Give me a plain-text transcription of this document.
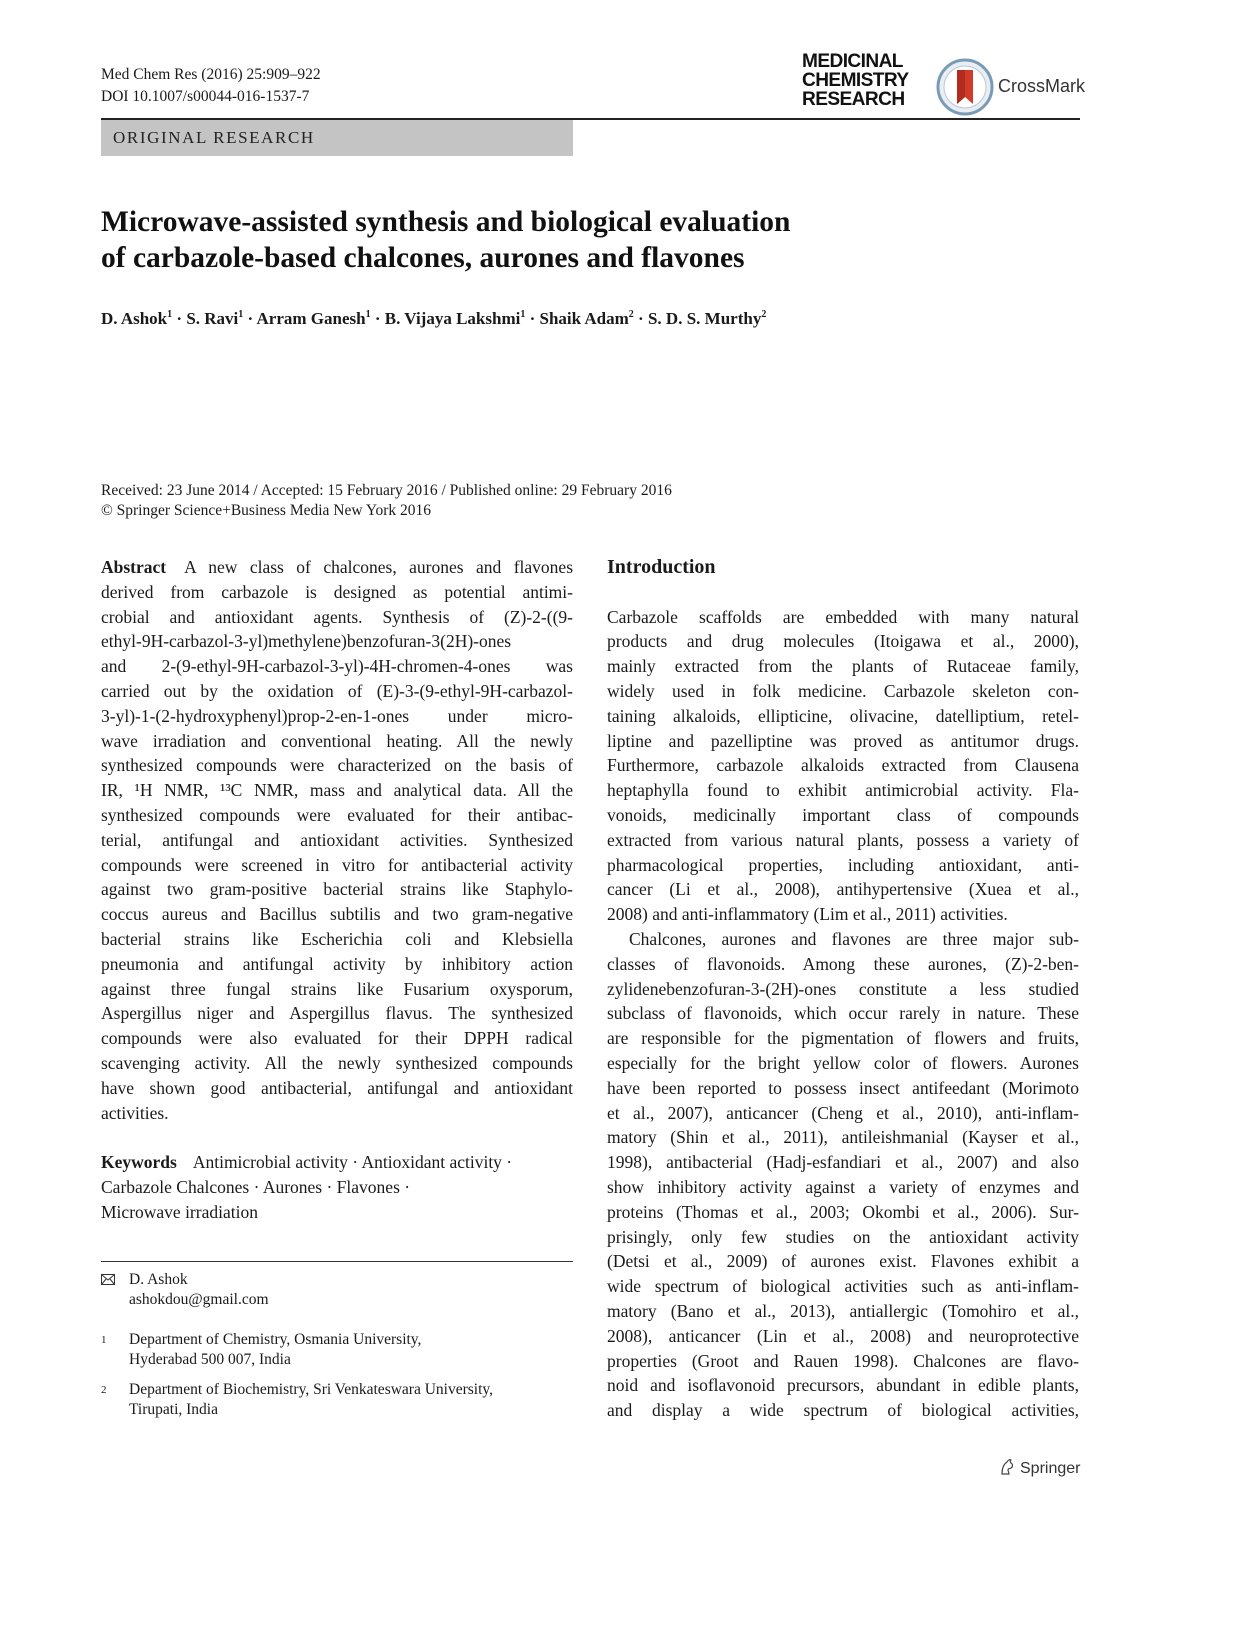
Med Chem Res (2016) 25:909–922
DOI 10.1007/s00044-016-1537-7
MEDICINAL
CHEMISTRY
RESEARCH
CrossMark
ORIGINAL RESEARCH
Microwave-assisted synthesis and biological evaluation
of carbazole-based chalcones, aurones and flavones
D. Ashok$^1$ · S. Ravi$^1$ · Arram Ganesh$^1$ · B. Vijaya Lakshmi$^1$ · Shaik Adam$^2$ · S. D. S. Murthy$^2$
Received: 23 June 2014 / Accepted: 15 February 2016 / Published online: 29 February 2016
© Springer Science+Business Media New York 2016
Abstract A new class of chalcones, aurones and flavones
derived from carbazole is designed as potential antimi-
crobial and antioxidant agents. Synthesis of (Z)-2-((9-
ethyl-9H-carbazol-3-yl)methylene)benzofuran-3(2H)-ones
and 2-(9-ethyl-9H-carbazol-3-yl)-4H-chromen-4-ones was
carried out by the oxidation of (E)-3-(9-ethyl-9H-carbazol-
3-yl)-1-(2-hydroxyphenyl)prop-2-en-1-ones under micro-
wave irradiation and conventional heating. All the newly
synthesized compounds were characterized on the basis of
IR, ¹H NMR, ¹³C NMR, mass and analytical data. All the
synthesized compounds were evaluated for their antibac-
terial, antifungal and antioxidant activities. Synthesized
compounds were screened in vitro for antibacterial activity
against two gram-positive bacterial strains like Staphylo-
coccus aureus and Bacillus subtilis and two gram-negative
bacterial strains like Escherichia coli and Klebsiella
pneumonia and antifungal activity by inhibitory action
against three fungal strains like Fusarium oxysporum,
Aspergillus niger and Aspergillus flavus. The synthesized
compounds were also evaluated for their DPPH radical
scavenging activity. All the newly synthesized compounds
have shown good antibacterial, antifungal and antioxidant
activities.
Keywords Antimicrobial activity · Antioxidant activity ·
Carbazole Chalcones · Aurones · Flavones ·
Microwave irradiation
D. Ashok
ashokdou@gmail.com
1 Department of Chemistry, Osmania University,
Hyderabad 500 007, India
2 Department of Biochemistry, Sri Venkateswara University,
Tirupati, India
Introduction
Carbazole scaffolds are embedded with many natural
products and drug molecules (Itoigawa et al., 2000),
mainly extracted from the plants of Rutaceae family,
widely used in folk medicine. Carbazole skeleton con-
taining alkaloids, ellipticine, olivacine, datelliptium, retel-
liptine and pazelliptine was proved as antitumor drugs.
Furthermore, carbazole alkaloids extracted from Clausena
heptaphylla found to exhibit antimicrobial activity. Fla-
vonoids, medicinally important class of compounds
extracted from various natural plants, possess a variety of
pharmacological properties, including antioxidant, anti-
cancer (Li et al., 2008), antihypertensive (Xuea et al.,
2008) and anti-inflammatory (Lim et al., 2011) activities.
Chalcones, aurones and flavones are three major sub-
classes of flavonoids. Among these aurones, (Z)-2-ben-
zylidenebenzofuran-3-(2H)-ones constitute a less studied
subclass of flavonoids, which occur rarely in nature. These
are responsible for the pigmentation of flowers and fruits,
especially for the bright yellow color of flowers. Aurones
have been reported to possess insect antifeedant (Morimoto
et al., 2007), anticancer (Cheng et al., 2010), anti-inflam-
matory (Shin et al., 2011), antileishmanial (Kayser et al.,
1998), antibacterial (Hadj-esfandiari et al., 2007) and also
show inhibitory activity against a variety of enzymes and
proteins (Thomas et al., 2003; Okombi et al., 2006). Sur-
prisingly, only few studies on the antioxidant activity
(Detsi et al., 2009) of aurones exist. Flavones exhibit a
wide spectrum of biological activities such as anti-inflam-
matory (Bano et al., 2013), antiallergic (Tomohiro et al.,
2008), anticancer (Lin et al., 2008) and neuroprotective
properties (Groot and Rauen 1998). Chalcones are flavo-
noid and isoflavonoid precursors, abundant in edible plants,
and display a wide spectrum of biological activities,
Springer
